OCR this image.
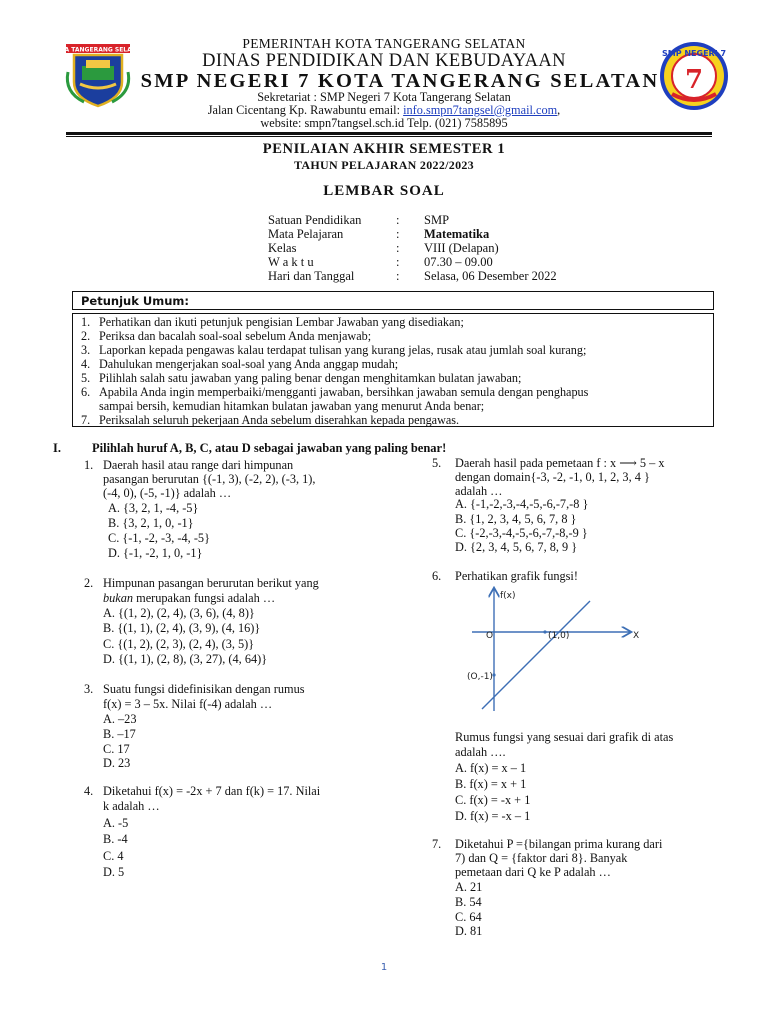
KOTA TANGERANG SELATAN	SMP NEGERI 7
7
PEMERINTAH KOTA TANGERANG SELATAN
DINAS PENDIDIKAN DAN KEBUDAYAAN
SMP NEGERI 7 KOTA TANGERANG SELATAN
Sekretariat : SMP Negeri 7 Kota Tangerang Selatan
Jalan Cicentang Kp. Rawabuntu email: info.smpn7tangsel@gmail.com,
website: smpn7tangsel.sch.id Telp. (021) 7585895
PENILAIAN AKHIR SEMESTER 1
TAHUN PELAJARAN 2022/2023
LEMBAR SOAL
Satuan Pendidikan	: SMP
Mata Pelajaran	: Matematika
Kelas	: VIII (Delapan)
W a k t u	: 07.30 – 09.00
Hari dan Tanggal	: Selasa, 06 Desember 2022
Petunjuk Umum:
1. Perhatikan dan ikuti petunjuk pengisian Lembar Jawaban yang disediakan;
2. Periksa dan bacalah soal-soal sebelum Anda menjawab;
3. Laporkan kepada pengawas kalau terdapat tulisan yang kurang jelas, rusak atau jumlah soal kurang;
4. Dahulukan mengerjakan soal-soal yang Anda anggap mudah;
5. Pilihlah salah satu jawaban yang paling benar dengan menghitamkan bulatan jawaban;
6. Apabila Anda ingin memperbaiki/mengganti jawaban, bersihkan jawaban semula dengan penghapus
sampai bersih, kemudian hitamkan bulatan jawaban yang menurut Anda benar;
7. Periksalah seluruh pekerjaan Anda sebelum diserahkan kepada pengawas.
I. Pilihlah huruf A, B, C, atau D sebagai jawaban yang paling benar!
1. Daerah hasil atau range dari himpunan
pasangan berurutan {(-1, 3), (-2, 2), (-3, 1),
(-4, 0), (-5, -1)} adalah …
A. {3, 2, 1, -4, -5}
B. {3, 2, 1, 0, -1}
C. {-1, -2, -3, -4, -5}
D. {-1, -2, 1, 0, -1}
2. Himpunan pasangan berurutan berikut yang
bukan merupakan fungsi adalah …
A. {(1, 2), (2, 4), (3, 6), (4, 8)}
B. {(1, 1), (2, 4), (3, 9), (4, 16)}
C. {(1, 2), (2, 3), (2, 4), (3, 5)}
D. {(1, 1), (2, 8), (3, 27), (4, 64)}
3. Suatu fungsi didefinisikan dengan rumus
f(x) = 3 – 5x. Nilai f(-4) adalah …
A. –23
B. –17
C. 17
D. 23
4. Diketahui f(x) = -2x + 7 dan f(k) = 17. Nilai
k adalah …
A. -5
B. -4
C. 4
D. 5
5. Daerah hasil pada pemetaan f : x ⟶ 5 – x
dengan domain{-3, -2, -1, 0, 1, 2, 3, 4 }
adalah …
A. {-1,-2,-3,-4,-5,-6,-7,-8 }
B. {1, 2, 3, 4, 5, 6, 7, 8 }
C. {-2,-3,-4,-5,-6,-7,-8,-9 }
D. {2, 3, 4, 5, 6, 7, 8, 9 }
6. Perhatikan grafik fungsi!
f(x)
O	X
(1,0)
(O,-1)
Rumus fungsi yang sesuai dari grafik di atas
adalah ….
A. f(x) = x – 1
B. f(x) = x + 1
C. f(x) = -x + 1
D. f(x) = -x – 1
7. Diketahui P ={bilangan prima kurang dari
7) dan Q = {faktor dari 8}. Banyak
pemetaan dari Q ke P adalah …
A. 21
B. 54
C. 64
D. 81
1
